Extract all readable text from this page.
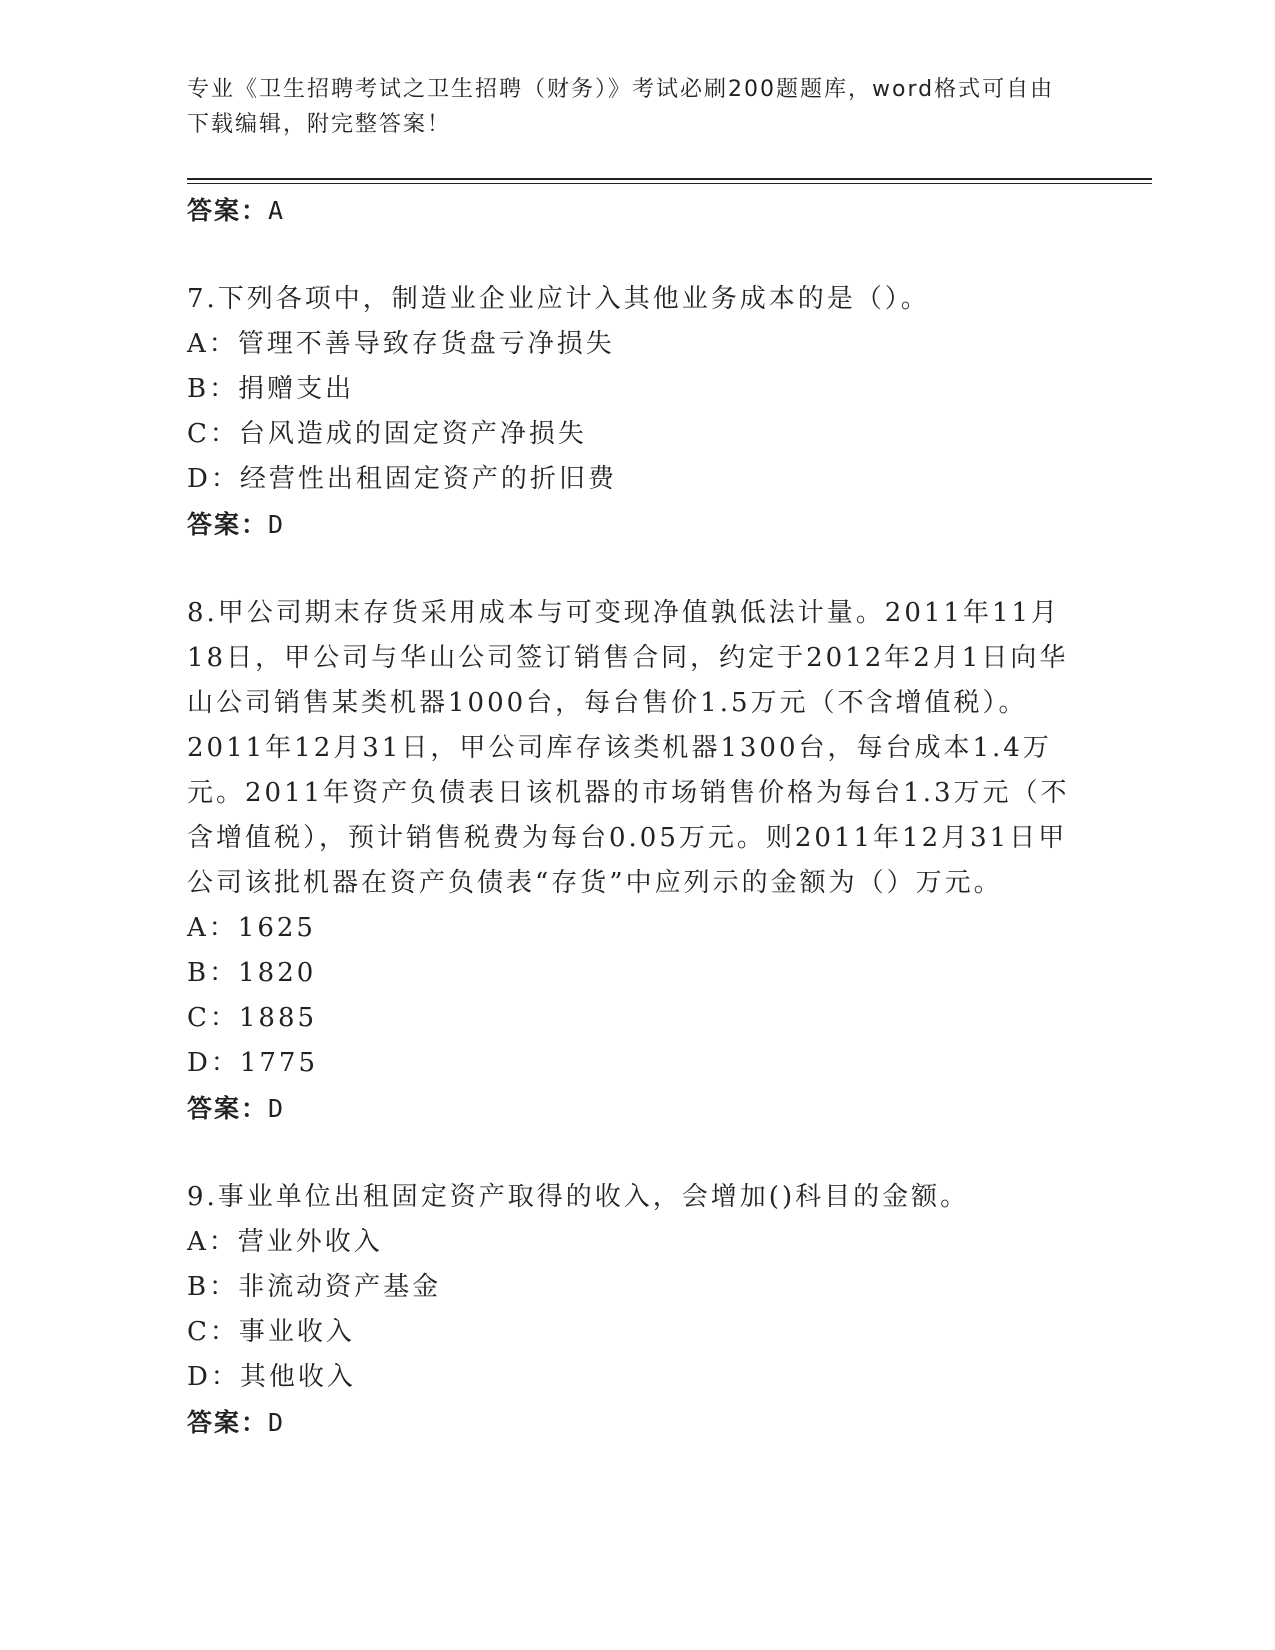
专业《卫生招聘考试之卫生招聘（财务）》考试必刷200题题库，word格式可自由下载编辑，附完整答案！
答案：A
7.下列各项中，制造业企业应计入其他业务成本的是（）。
A：管理不善导致存货盘亏净损失
B：捐赠支出
C：台风造成的固定资产净损失
D：经营性出租固定资产的折旧费
答案：D
8.甲公司期末存货采用成本与可变现净值孰低法计量。2011年11月18日，甲公司与华山公司签订销售合同，约定于2012年2月1日向华山公司销售某类机器1000台，每台售价1.5万元（不含增值税）。2011年12月31日，甲公司库存该类机器1300台，每台成本1.4万元。2011年资产负债表日该机器的市场销售价格为每台1.3万元（不含增值税），预计销售税费为每台0.05万元。则2011年12月31日甲公司该批机器在资产负债表“存货”中应列示的金额为（）万元。
A：1625
B：1820
C：1885
D：1775
答案：D
9.事业单位出租固定资产取得的收入，会增加()科目的金额。
A：营业外收入
B：非流动资产基金
C：事业收入
D：其他收入
答案：D
